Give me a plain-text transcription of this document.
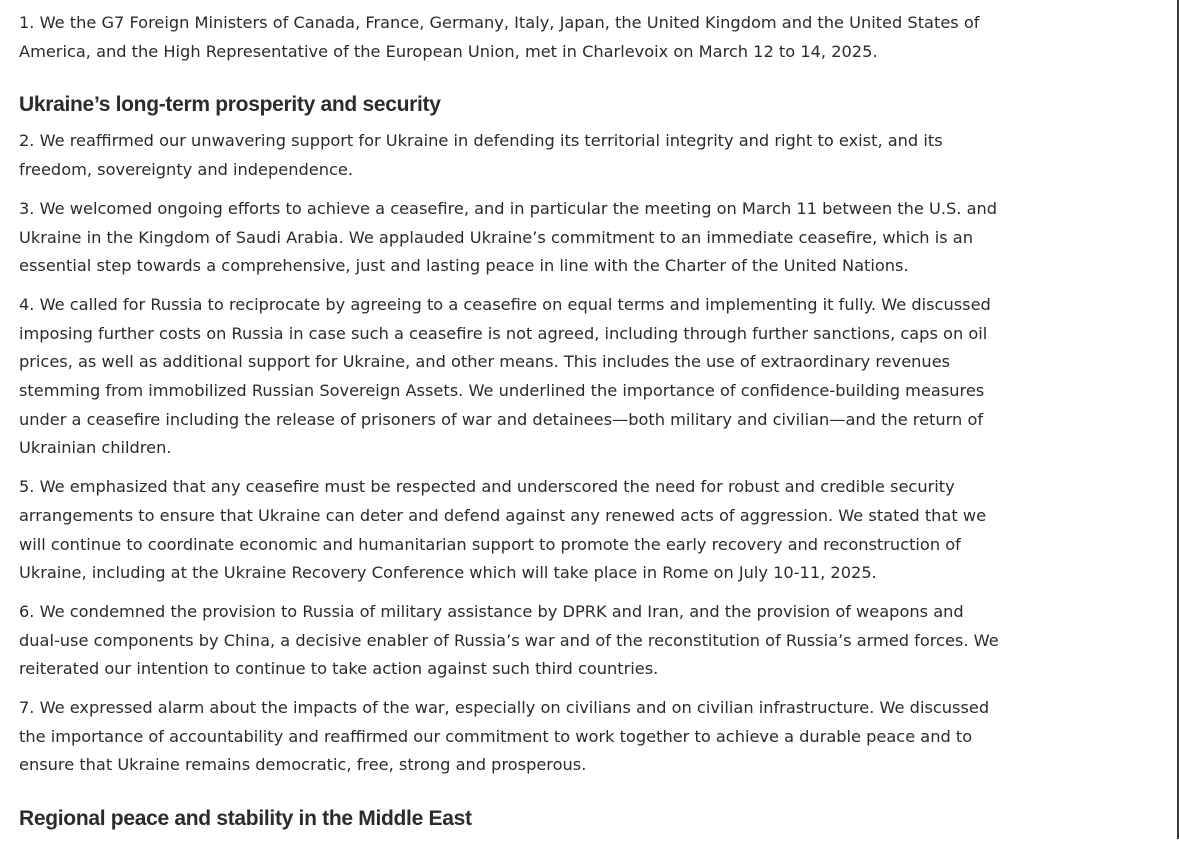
1. We the G7 Foreign Ministers of Canada, France, Germany, Italy, Japan, the United Kingdom and the United States of America, and the High Representative of the European Union, met in Charlevoix on March 12 to 14, 2025.

Ukraine’s long-term prosperity and security

2. We reaffirmed our unwavering support for Ukraine in defending its territorial integrity and right to exist, and its freedom, sovereignty and independence.

3. We welcomed ongoing efforts to achieve a ceasefire, and in particular the meeting on March 11 between the U.S. and Ukraine in the Kingdom of Saudi Arabia. We applauded Ukraine’s commitment to an immediate ceasefire, which is an essential step towards a comprehensive, just and lasting peace in line with the Charter of the United Nations.

4. We called for Russia to reciprocate by agreeing to a ceasefire on equal terms and implementing it fully. We discussed imposing further costs on Russia in case such a ceasefire is not agreed, including through further sanctions, caps on oil prices, as well as additional support for Ukraine, and other means. This includes the use of extraordinary revenues stemming from immobilized Russian Sovereign Assets. We underlined the importance of confidence-building measures under a ceasefire including the release of prisoners of war and detainees—both military and civilian—and the return of Ukrainian children.

5. We emphasized that any ceasefire must be respected and underscored the need for robust and credible security arrangements to ensure that Ukraine can deter and defend against any renewed acts of aggression. We stated that we will continue to coordinate economic and humanitarian support to promote the early recovery and reconstruction of Ukraine, including at the Ukraine Recovery Conference which will take place in Rome on July 10-11, 2025.

6. We condemned the provision to Russia of military assistance by DPRK and Iran, and the provision of weapons and dual-use components by China, a decisive enabler of Russia’s war and of the reconstitution of Russia’s armed forces. We reiterated our intention to continue to take action against such third countries.

7. We expressed alarm about the impacts of the war, especially on civilians and on civilian infrastructure. We discussed the importance of accountability and reaffirmed our commitment to work together to achieve a durable peace and to ensure that Ukraine remains democratic, free, strong and prosperous.

Regional peace and stability in the Middle East
